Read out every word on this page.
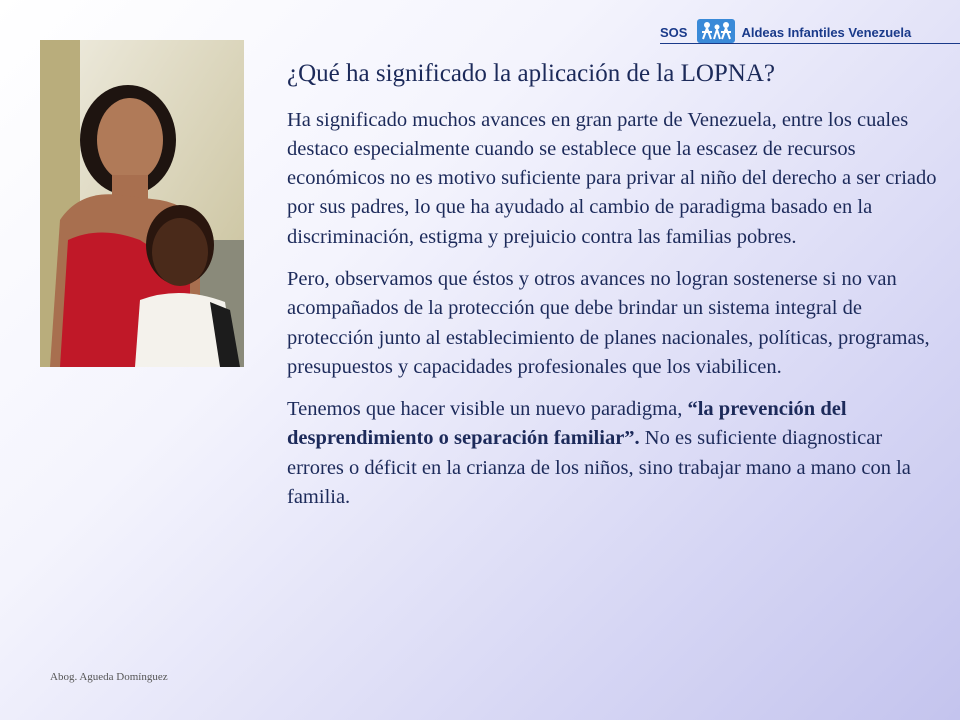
SOS	Aldeas Infantiles Venezuela
¿Qué ha significado la aplicación de la LOPNA?

Ha significado muchos avances en gran parte de Venezuela, entre los cuales destaco especialmente cuando se establece que la escasez de recursos económicos no es motivo suficiente para privar al niño del derecho a ser criado por sus padres, lo que ha ayudado al cambio de paradigma basado en la discriminación, estigma y prejuicio contra las familias pobres.

Pero, observamos que éstos y otros avances no logran sostenerse si no van acompañados de la protección que debe brindar un sistema integral de protección junto al establecimiento de planes nacionales, políticas, programas, presupuestos y capacidades profesionales que los viabilicen.

Tenemos que hacer visible un nuevo paradigma, “la prevención del desprendimiento o separación familiar”. No es suficiente diagnosticar errores o déficit en la crianza de los niños, sino trabajar mano a mano con la familia.

Abog. Agueda Domínguez
